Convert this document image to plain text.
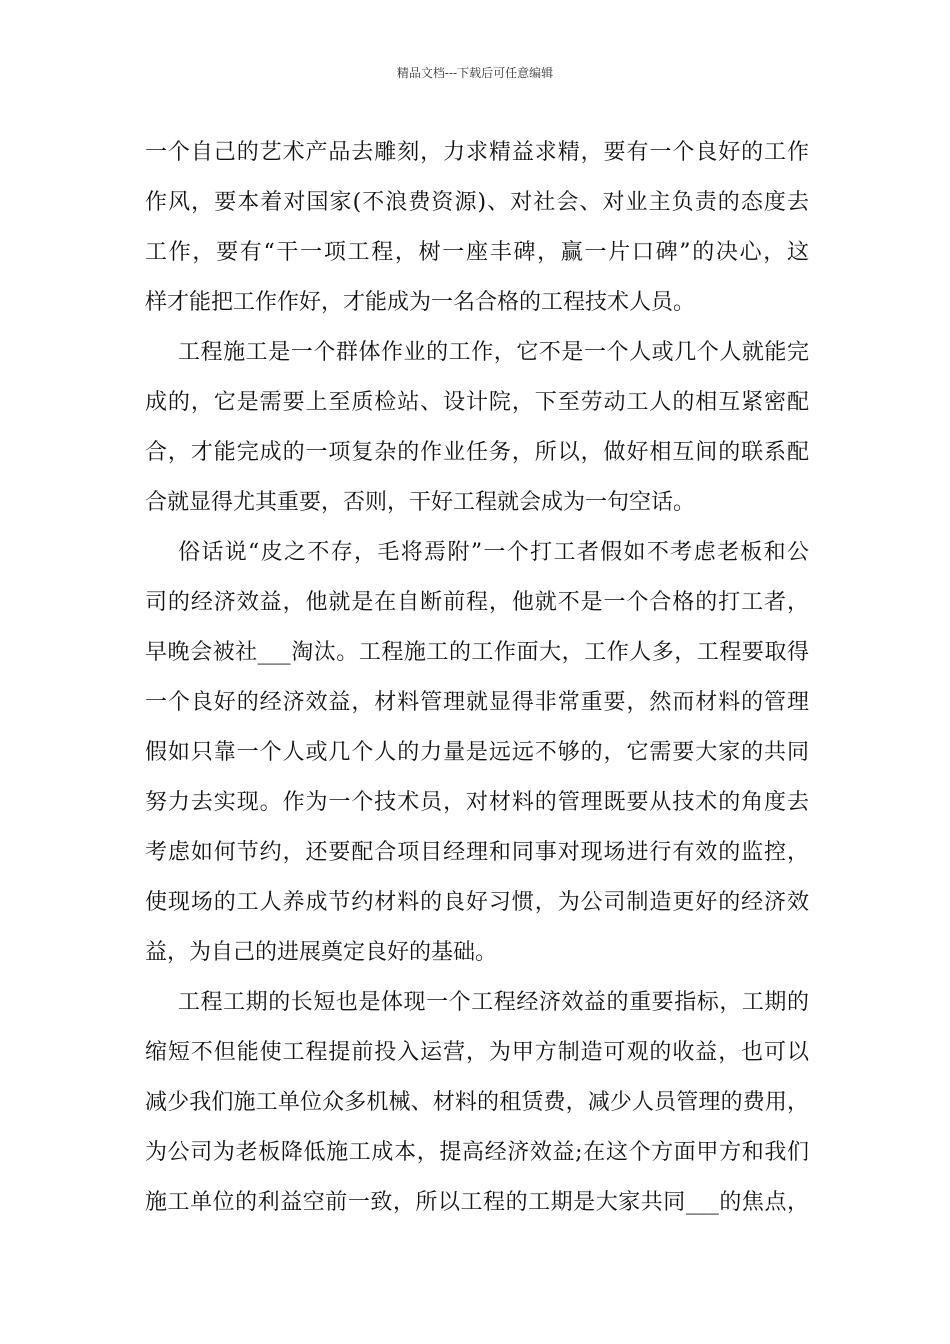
精品文档---下载后可任意编辑
一个自己的艺术产品去雕刻，力求精益求精，要有一个良好的工作
作风，要本着对国家(不浪费资源)、对社会、对业主负责的态度去
工作，要有“干一项工程，树一座丰碑，赢一片口碑”的决心，这
样才能把工作作好，才能成为一名合格的工程技术人员。
工程施工是一个群体作业的工作，它不是一个人或几个人就能完
成的，它是需要上至质检站、设计院，下至劳动工人的相互紧密配
合，才能完成的一项复杂的作业任务，所以，做好相互间的联系配
合就显得尤其重要，否则，干好工程就会成为一句空话。
俗话说“皮之不存，毛将焉附”一个打工者假如不考虑老板和公
司的经济效益，他就是在自断前程，他就不是一个合格的打工者，
早晚会被社___淘汰。工程施工的工作面大，工作人多，工程要取得
一个良好的经济效益，材料管理就显得非常重要，然而材料的管理
假如只靠一个人或几个人的力量是远远不够的，它需要大家的共同
努力去实现。作为一个技术员，对材料的管理既要从技术的角度去
考虑如何节约，还要配合项目经理和同事对现场进行有效的监控，
使现场的工人养成节约材料的良好习惯，为公司制造更好的经济效
益，为自己的进展奠定良好的基础。
工程工期的长短也是体现一个工程经济效益的重要指标，工期的
缩短不但能使工程提前投入运营，为甲方制造可观的收益，也可以
减少我们施工单位众多机械、材料的租赁费，减少人员管理的费用，
为公司为老板降低施工成本，提高经济效益;在这个方面甲方和我们
施工单位的利益空前一致，所以工程的工期是大家共同___的焦点，
